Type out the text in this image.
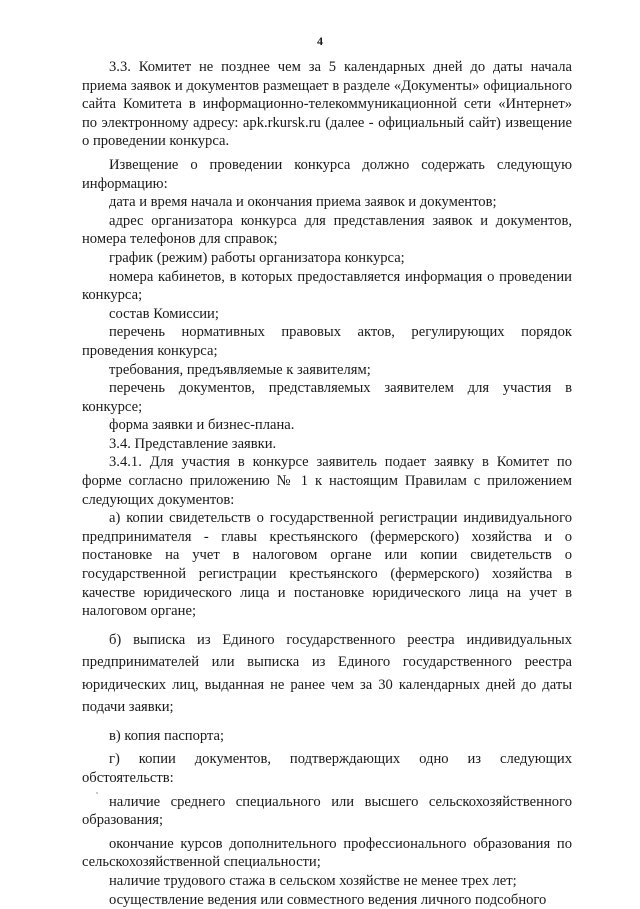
4

3.3. Комитет не позднее чем за 5 календарных дней до даты начала приема заявок и документов размещает в разделе «Документы» официального сайта Комитета в информационно-телекоммуникационной сети «Интернет» по электронному адресу: apk.rkursk.ru (далее - официальный сайт) извещение о проведении конкурса.

Извещение о проведении конкурса должно содержать следующую информацию:

дата и время начала и окончания приема заявок и документов;

адрес организатора конкурса для представления заявок и документов, номера телефонов для справок;

график (режим) работы организатора конкурса;

номера кабинетов, в которых предоставляется информация о проведении конкурса;

состав Комиссии;

перечень нормативных правовых актов, регулирующих порядок проведения конкурса;

требования, предъявляемые к заявителям;

перечень документов, представляемых заявителем для участия в конкурсе;

форма заявки и бизнес-плана.

3.4. Представление заявки.

3.4.1. Для участия в конкурсе заявитель подает заявку в Комитет по форме согласно приложению № 1 к настоящим Правилам с приложением следующих документов:

а) копии свидетельств о государственной регистрации индивидуального предпринимателя - главы крестьянского (фермерского) хозяйства и о постановке на учет в налоговом органе или копии свидетельств о государственной регистрации крестьянского (фермерского) хозяйства в качестве юридического лица и постановке юридического лица на учет в налоговом органе;

б) выписка из Единого государственного реестра индивидуальных предпринимателей или выписка из Единого государственного реестра юридических лиц, выданная не ранее чем за 30 календарных дней до даты подачи заявки;

в) копия паспорта;

г) копии документов, подтверждающих одно из следующих обстоятельств:

наличие среднего специального или высшего сельскохозяйственного образования;

окончание курсов дополнительного профессионального образования по сельскохозяйственной специальности;

наличие трудового стажа в сельском хозяйстве не менее трех лет;

осуществление ведения или совместного ведения личного подсобного
